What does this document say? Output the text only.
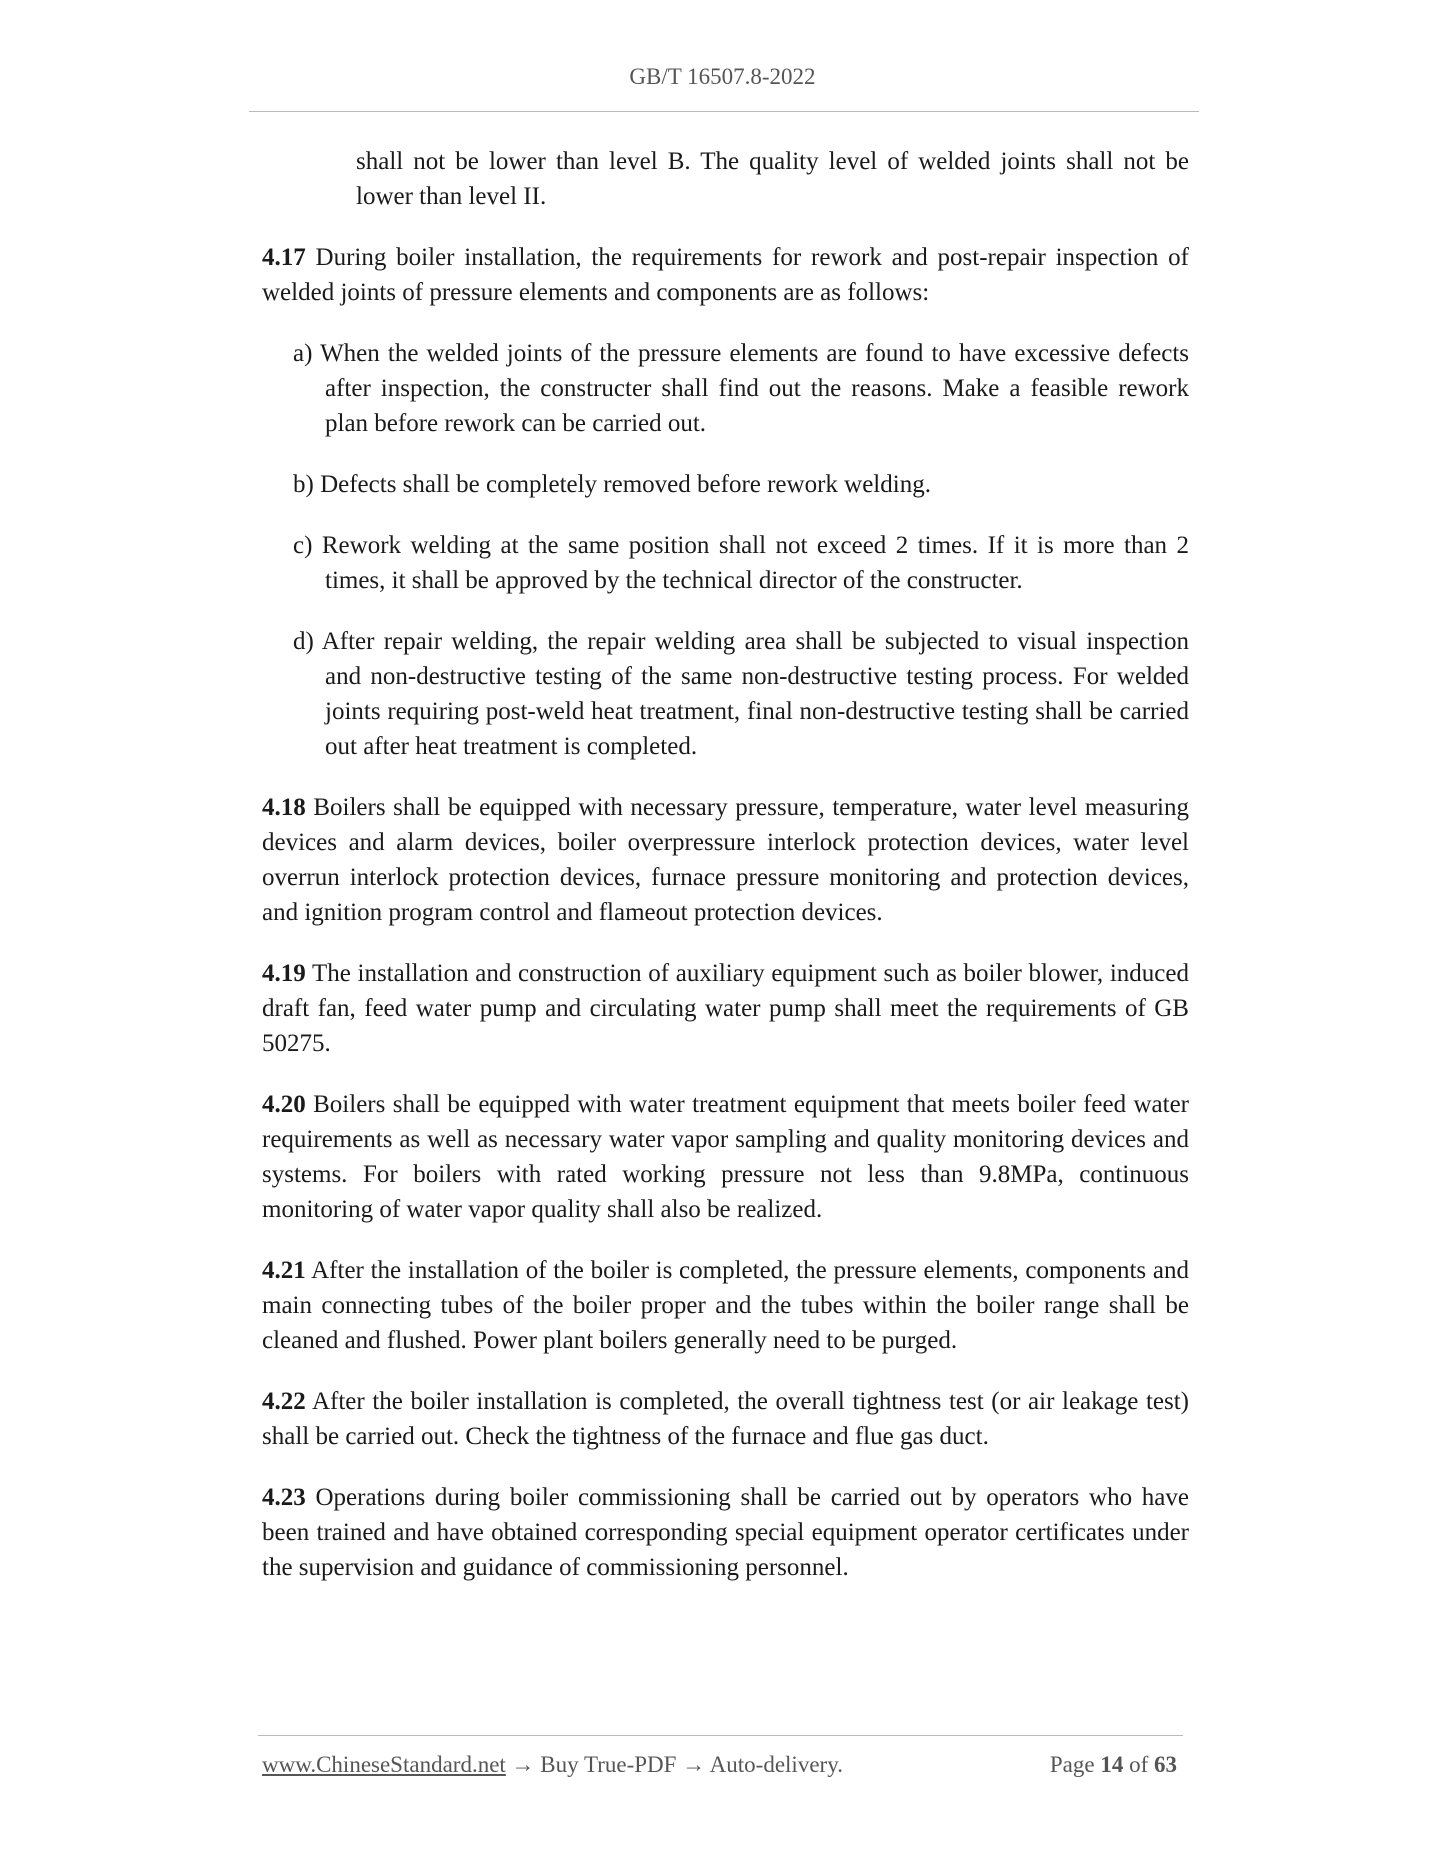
GB/T 16507.8-2022

shall not be lower than level B. The quality level of welded joints shall not be lower than level II.

4.17 During boiler installation, the requirements for rework and post-repair inspection of welded joints of pressure elements and components are as follows:

a) When the welded joints of the pressure elements are found to have excessive defects after inspection, the constructer shall find out the reasons. Make a feasible rework plan before rework can be carried out.

b) Defects shall be completely removed before rework welding.

c) Rework welding at the same position shall not exceed 2 times. If it is more than 2 times, it shall be approved by the technical director of the constructer.

d) After repair welding, the repair welding area shall be subjected to visual inspection and non-destructive testing of the same non-destructive testing process. For welded joints requiring post-weld heat treatment, final non-destructive testing shall be carried out after heat treatment is completed.

4.18 Boilers shall be equipped with necessary pressure, temperature, water level measuring devices and alarm devices, boiler overpressure interlock protection devices, water level overrun interlock protection devices, furnace pressure monitoring and protection devices, and ignition program control and flameout protection devices.

4.19 The installation and construction of auxiliary equipment such as boiler blower, induced draft fan, feed water pump and circulating water pump shall meet the requirements of GB 50275.

4.20 Boilers shall be equipped with water treatment equipment that meets boiler feed water requirements as well as necessary water vapor sampling and quality monitoring devices and systems. For boilers with rated working pressure not less than 9.8MPa, continuous monitoring of water vapor quality shall also be realized.

4.21 After the installation of the boiler is completed, the pressure elements, components and main connecting tubes of the boiler proper and the tubes within the boiler range shall be cleaned and flushed. Power plant boilers generally need to be purged.

4.22 After the boiler installation is completed, the overall tightness test (or air leakage test) shall be carried out. Check the tightness of the furnace and flue gas duct.

4.23 Operations during boiler commissioning shall be carried out by operators who have been trained and have obtained corresponding special equipment operator certificates under the supervision and guidance of commissioning personnel.

www.ChineseStandard.net → Buy True-PDF → Auto-delivery.	Page 14 of 63
